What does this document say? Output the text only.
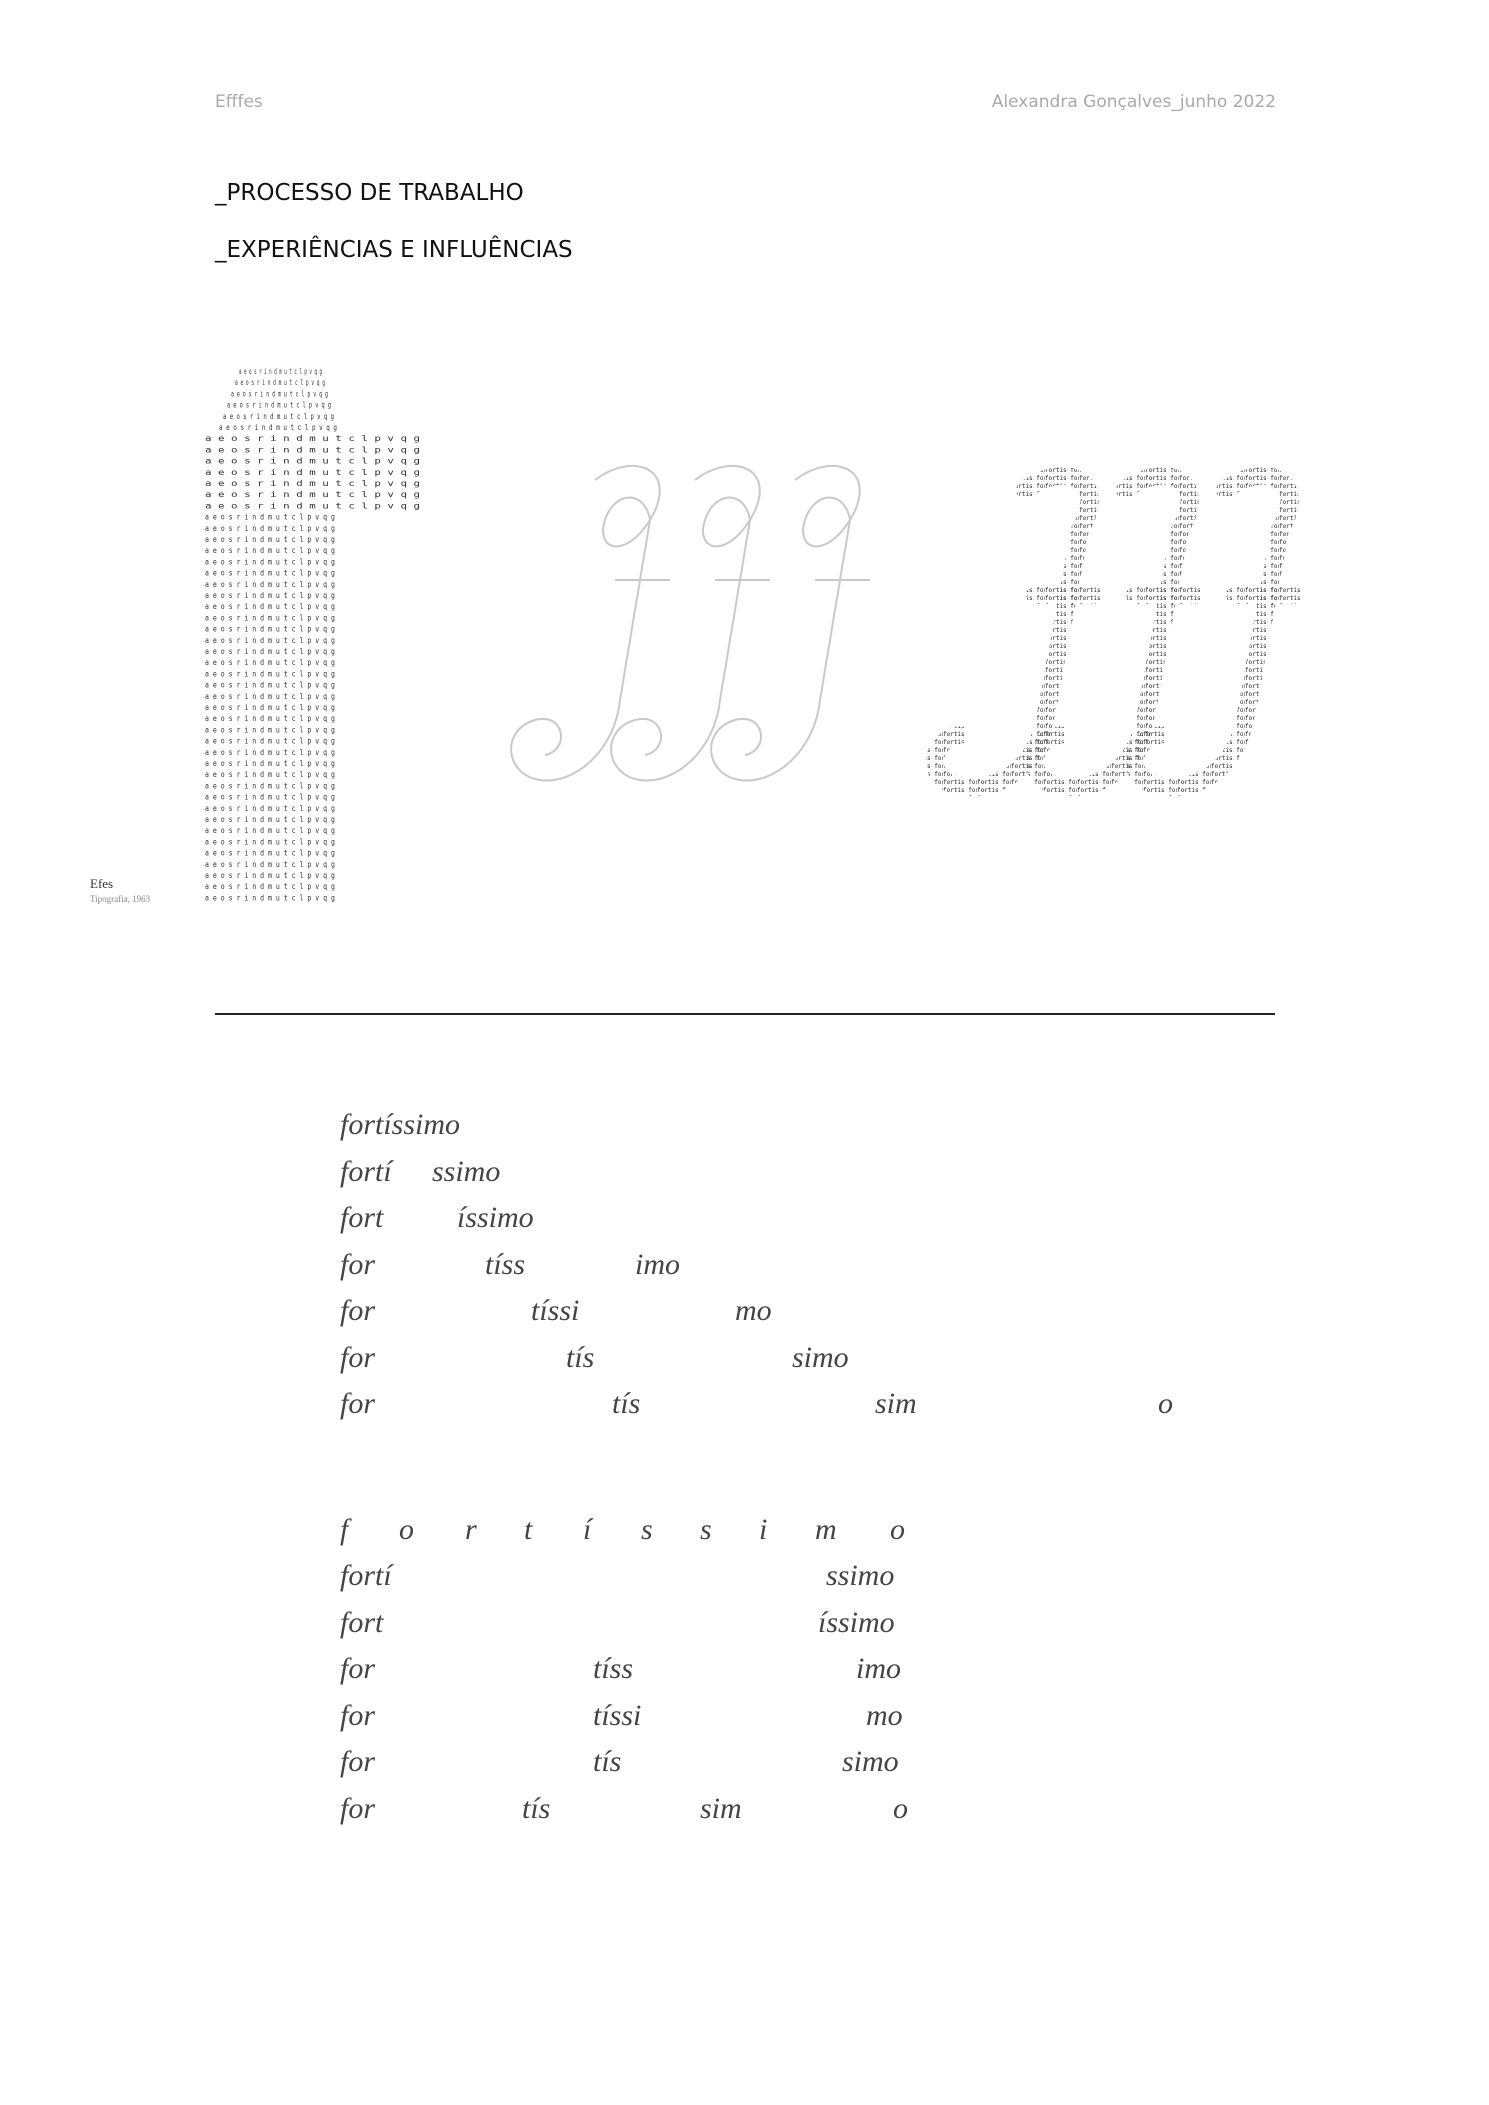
Efffes	Alexandra Gonçalves_junho 2022
_PROCESSO DE TRABALHO
_EXPERIÊNCIAS E INFLUÊNCIAS
a e o s r i n d m u t c l p v q g
a e o s r i n d m u t c l p v q g
a e o s r i n d m u t c l p v q g
a e o s r i n d m u t c l p v q g
a e o s r i n d m u t c l p v q g
a e o s r i n d m u t c l p v q g
a e o s r i n d m u t c l p v q g
a e o s r i n d m u t c l p v q g
a e o s r i n d m u t c l p v q g
a e o s r i n d m u t c l p v q g
a e o s r i n d m u t c l p v q g
a e o s r i n d m u t c l p v q g
a e o s r i n d m u t c l p v q g
a e o s r i n d m u t c l p v q g
a e o s r i n d m u t c l p v q g
a e o s r i n d m u t c l p v q g
a e o s r i n d m u t c l p v q g
a e o s r i n d m u t c l p v q g
a e o s r i n d m u t c l p v q g
a e o s r i n d m u t c l p v q g
a e o s r i n d m u t c l p v q g
a e o s r i n d m u t c l p v q g
a e o s r i n d m u t c l p v q g
a e o s r i n d m u t c l p v q g
a e o s r i n d m u t c l p v q g
a e o s r i n d m u t c l p v q g
a e o s r i n d m u t c l p v q g
a e o s r i n d m u t c l p v q g
a e o s r i n d m u t c l p v q g
a e o s r i n d m u t c l p v q g
a e o s r i n d m u t c l p v q g
a e o s r i n d m u t c l p v q g
a e o s r i n d m u t c l p v q g
a e o s r i n d m u t c l p v q g
a e o s r i n d m u t c l p v q g
a e o s r i n d m u t c l p v q g
a e o s r i n d m u t c l p v q g
a e o s r i n d m u t c l p v q g
a e o s r i n d m u t c l p v q g
a e o s r i n d m u t c l p v q g
a e o s r i n d m u t c l p v q g
a e o s r i n d m u t c l p v q g
a e o s r i n d m u t c l p v q g
a e o s r i n d m u t c l p v q g
a e o s r i n d m u t c l p v q g
a e o s r i n d m u t c l p v q g
a e o s r i n d m u t c l p v q g
a e o s r i n d m u t c l p v q g
Efes
Tipografia, 1963
fortíssimo
fortí ssimo
fort íssimo
for	tíss	imo
for	tíssi	mo
for	tís	simo
for	tís	sim	o
f o r t í s s i m o
fortí	ssimo
fort	íssimo
for	tíss	imo
for	tíssi	mo
for	tís	simo
for	tís	sim	o
